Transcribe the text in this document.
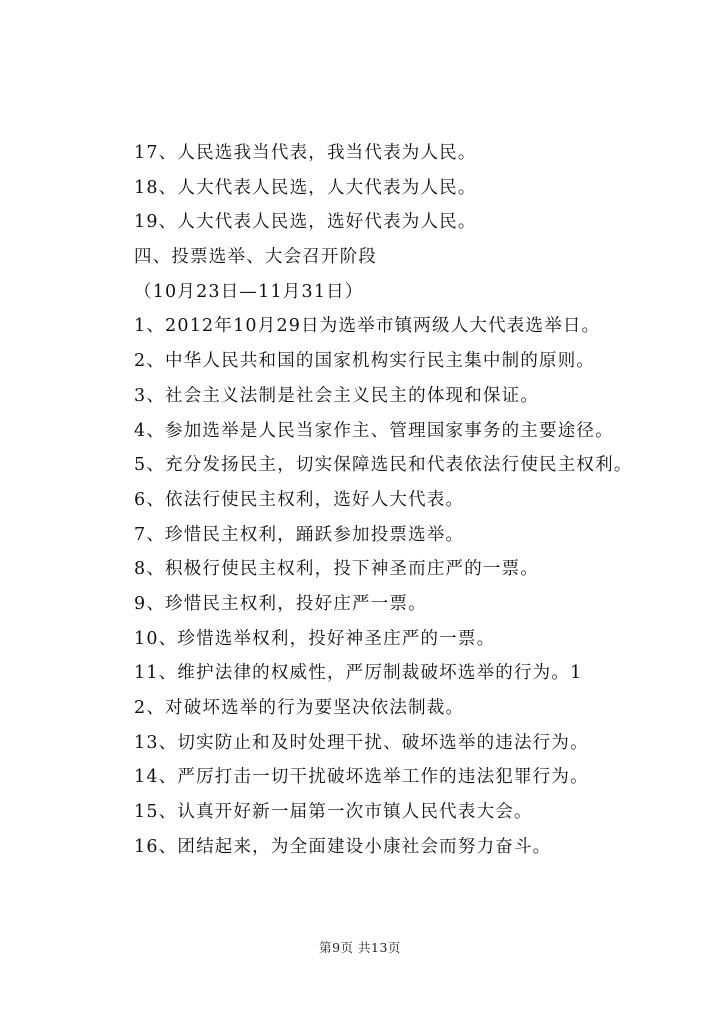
17、人民选我当代表，我当代表为人民。

18、人大代表人民选，人大代表为人民。

19、人大代表人民选，选好代表为人民。

四、投票选举、大会召开阶段

（10月23日—11月31日）

1、2012年10月29日为选举市镇两级人大代表选举日。

2、中华人民共和国的国家机构实行民主集中制的原则。

3、社会主义法制是社会主义民主的体现和保证。

4、参加选举是人民当家作主、管理国家事务的主要途径。

5、充分发扬民主，切实保障选民和代表依法行使民主权利。

6、依法行使民主权利，选好人大代表。

7、珍惜民主权利，踊跃参加投票选举。

8、积极行使民主权利，投下神圣而庄严的一票。

9、珍惜民主权利，投好庄严一票。

10、珍惜选举权利，投好神圣庄严的一票。

11、维护法律的权威性，严厉制裁破坏选举的行为。1

2、对破坏选举的行为要坚决依法制裁。

13、切实防止和及时处理干扰、破坏选举的违法行为。

14、严厉打击一切干扰破坏选举工作的违法犯罪行为。

15、认真开好新一届第一次市镇人民代表大会。

16、团结起来，为全面建设小康社会而努力奋斗。

第9页 共13页
